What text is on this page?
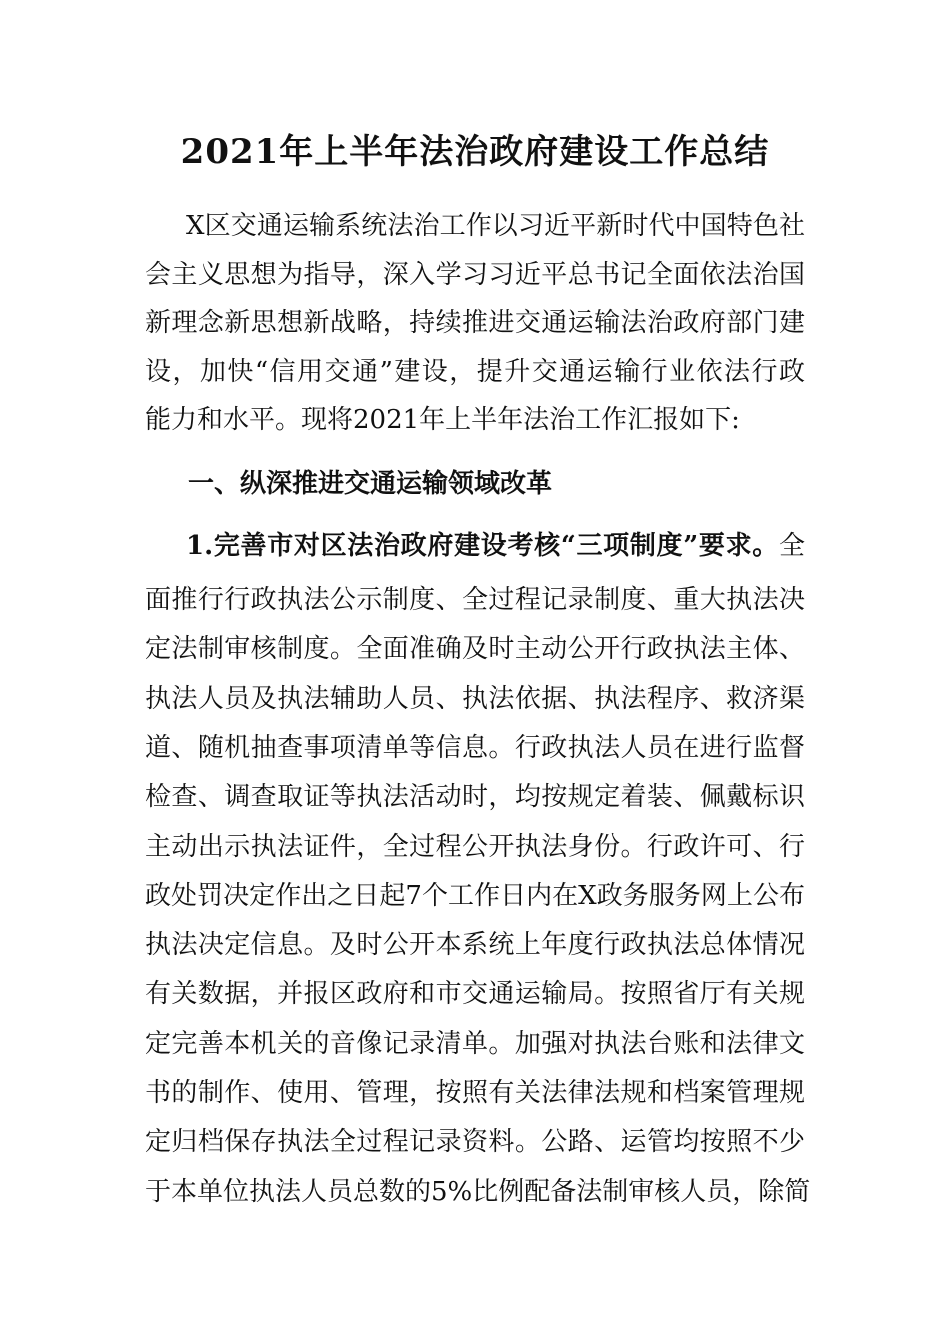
2021年上半年法治政府建设工作总结
X区交通运输系统法治工作以习近平新时代中国特色社
会主义思想为指导，深入学习习近平总书记全面依法治国
新理念新思想新战略，持续推进交通运输法治政府部门建
设，加快“信用交通”建设，提升交通运输行业依法行政
能力和水平。现将2021年上半年法治工作汇报如下:
一、纵深推进交通运输领域改革
1.完善市对区法治政府建设考核“三项制度”要求。全
面推行行政执法公示制度、全过程记录制度、重大执法决
定法制审核制度。全面准确及时主动公开行政执法主体、
执法人员及执法辅助人员、执法依据、执法程序、救济渠
道、随机抽查事项清单等信息。行政执法人员在进行监督
检查、调查取证等执法活动时，均按规定着装、佩戴标识
主动出示执法证件，全过程公开执法身份。行政许可、行
政处罚决定作出之日起7个工作日内在X政务服务网上公布
执法决定信息。及时公开本系统上年度行政执法总体情况
有关数据，并报区政府和市交通运输局。按照省厅有关规
定完善本机关的音像记录清单。加强对执法台账和法律文
书的制作、使用、管理，按照有关法律法规和档案管理规
定归档保存执法全过程记录资料。公路、运管均按照不少
于本单位执法人员总数的5%比例配备法制审核人员，除简
